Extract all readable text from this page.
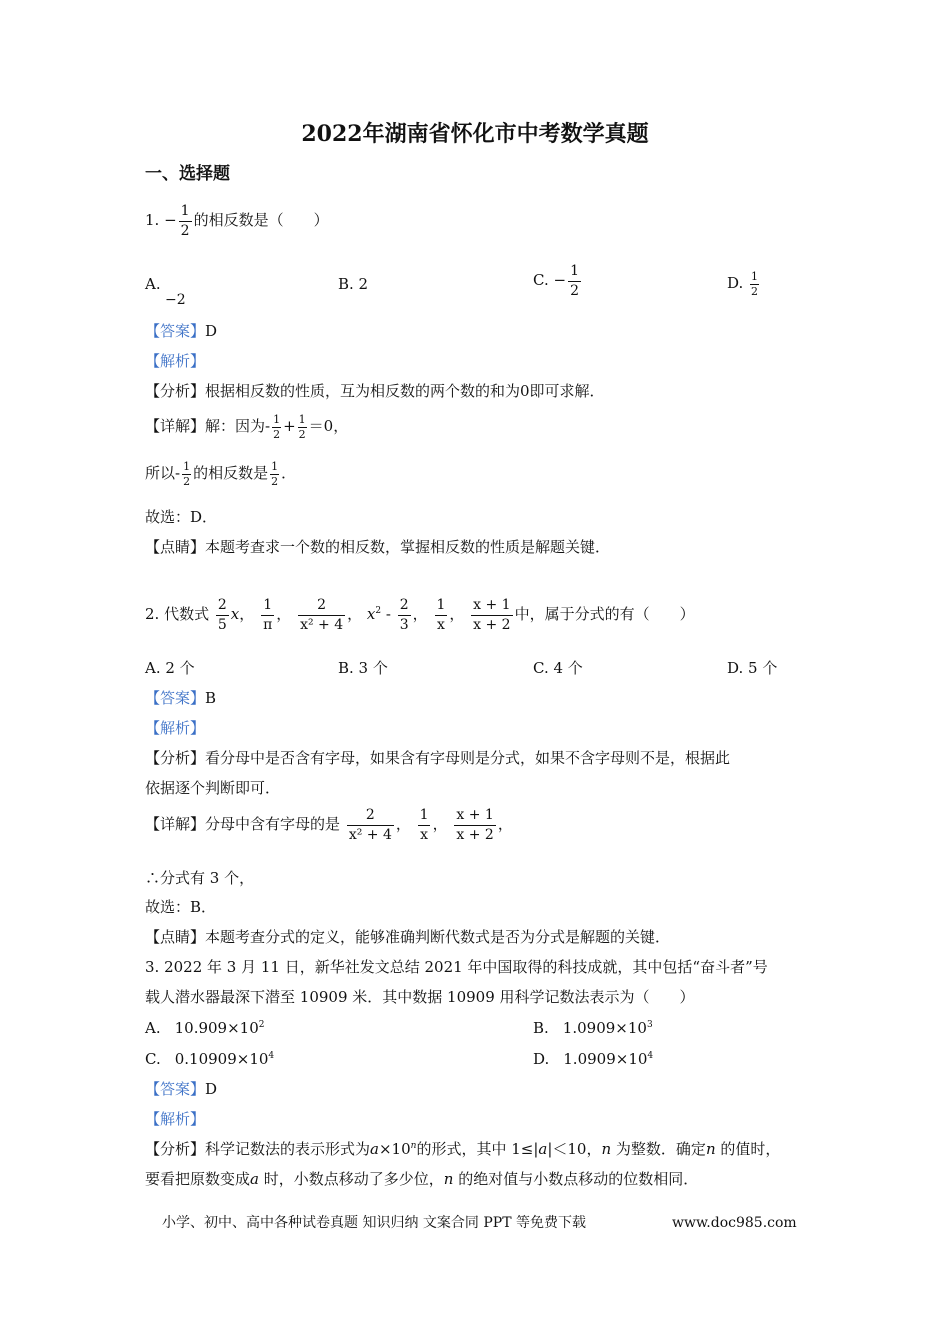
2022年湖南省怀化市中考数学真题
一、选择题
1. − $\frac{1}{2}$ 的相反数是（　　）
A.
−2
B. 2	C. − $\frac{1}{2}$	D. $\frac{1}{2}$
【答案】D
【解析】
【分析】根据相反数的性质，互为相反数的两个数的和为0即可求解．
【详解】解：因为- $\frac{1}{2} + \frac{1}{2} =0$，
所以- $\frac{1}{2}$ 的相反数是 $\frac{1}{2}$ ．
故选：D．
【点睛】本题考查求一个数的相反数，掌握相反数的性质是解题关键．
2. 代数式 $\frac{2}{5}$ x， $\frac{1}{\pi}$ ， $\frac{2}{\text{x² + 4}}$ ， $x^2 - \frac{2}{3}$ ， $\frac{1}{x}$ ， $\frac{x + 1}{x + 2}$ 中，属于分式的有（　　）
A. 2 个	B. 3 个	C. 4 个	D. 5 个
【答案】B
【解析】
【分析】看分母中是否含有字母，如果含有字母则是分式，如果不含字母则不是，根据此
依据逐个判断即可．
【详解】分母中含有字母的是 $\frac{2}{\text{x² + 4}}$ ， $\frac{1}{x}$ ， $\frac{x + 1}{x + 2}$ ，
∴分式有 3 个，
故选：B．
【点睛】本题考查分式的定义，能够准确判断代数式是否为分式是解题的关键．
3. 2022 年 3 月 11 日，新华社发文总结 2021 年中国取得的科技成就，其中包括“奋斗者”号
载人潜水器最深下潜至 10909 米．其中数据 10909 用科学记数法表示为（　　）
A. $10.909\times 10^2$	B. $1.0909\times 10^3$
C. $0.10909\times 10^4$	D. $1.0909\times 10^4$
【答案】D
【解析】
【分析】科学记数法的表示形式为$a\times 10^n$的形式，其中 1≤|a|＜10，n 为整数．确定n 的值时，
要看把原数变成a 时，小数点移动了多少位，n 的绝对值与小数点移动的位数相同．
小学、初中、高中各种试卷真题 知识归纳 文案合同 PPT 等免费下载	www.doc985.com
